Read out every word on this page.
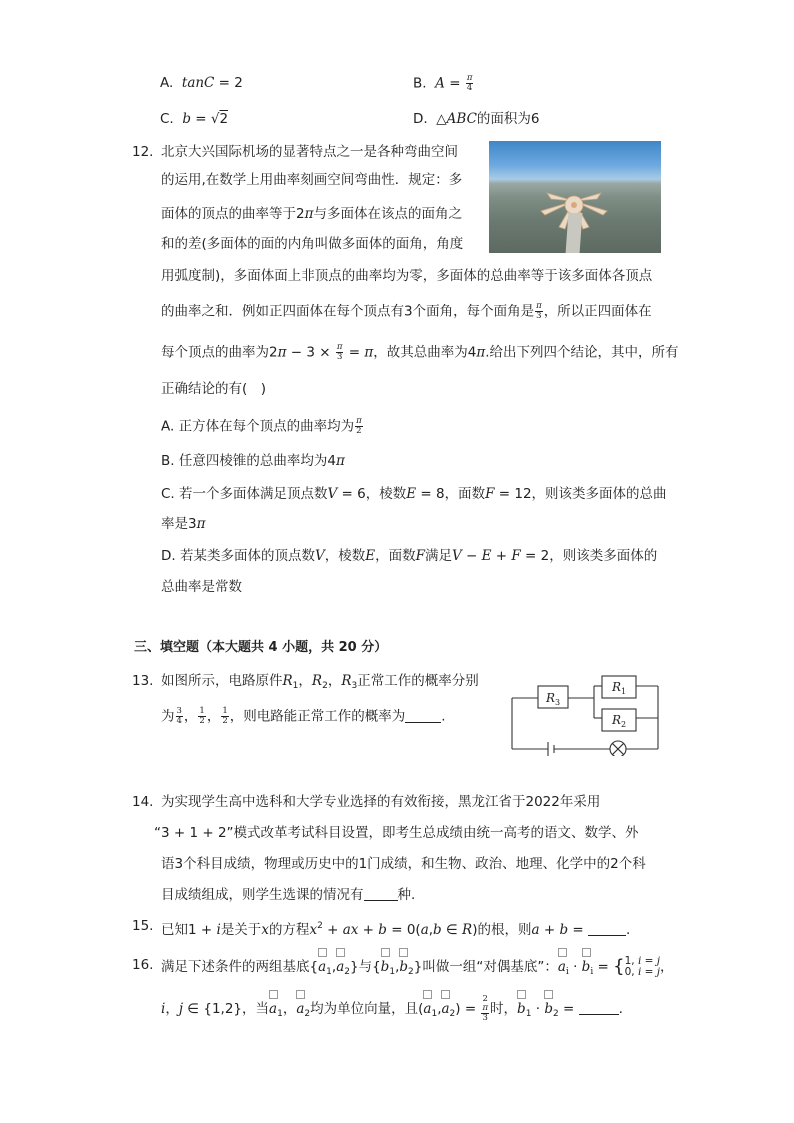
A. tanC = 2	B. $A = \frac{\pi}{4}$
C. b = √2	D.  △ABC的面积为6
12. 北京大兴国际机场的显著特点之一是各种弯曲空间
的运用,在数学上用曲率刻画空间弯曲性．规定：多
面体的顶点的曲率等于2π与多面体在该点的面角之
和的差(多面体的面的内角叫做多面体的面角，角度
用弧度制)，多面体面上非顶点的曲率均为零，多面体的总曲率等于该多面体各顶点
的曲率之和．例如正四面体在每个顶点有3个面角，每个面角是 $\frac{\pi}{3}$ ，所以正四面体在
每个顶点的曲率为$2\pi - 3 \times \frac{\pi}{3} = \pi$，故其总曲率为4π.给出下列四个结论，其中，所有
正确结论的有(　)
A. 正方体在每个顶点的曲率均为 $\frac{\pi}{2}$
B. 任意四棱锥的总曲率均为4π
C. 若一个多面体满足顶点数V = 6，棱数E = 8，面数F = 12，则该类多面体的总曲
率是3π
D. 若某类多面体的顶点数V，棱数E，面数F满足V − E + F = 2，则该类多面体的
总曲率是常数
三、填空题（本大题共 4 小题，共 20 分）
13. 如图所示，电路原件$R_1$，$R_2$，$R_3$正常工作的概率分别
为 $\frac{3}{4}$ ， $\frac{1}{2}$ ， $\frac{1}{2}$ ，则电路能正常工作的概率为	.
$R_3$
$R_1$
$R_2$
14. 为实现学生高中选科和大学专业选择的有效衔接，黑龙江省于2022年采用
“3 + 1 + 2”模式改革考试科目设置，即考生总成绩由统一高考的语文、数学、外
语3个科目成绩，物理或历史中的1门成绩，和生物、政治、地理、化学中的2个科
目成绩组成，则学生选课的情况有	种.
15. 已知1 + i是关于x的方程$x^2$ + ax + b = 0(a,b ∈ R)的根，则a + b =	.
16. 满足下述条件的两组基底{
$a_1$,
$a_2$}与{
$b_1$,
$b_2$}叫做一组“对偶基底”：
$a_i$ ·
$b_i$ = { 1, i = j
0, i = j ，
i，j ∈ {1,2}，当
$a_1$，
$a_2$均为单位向量，且(
$a_1$,
$a_2) = 2$
π
3 时，
$b_1$ ·
$b_2$ =	.
